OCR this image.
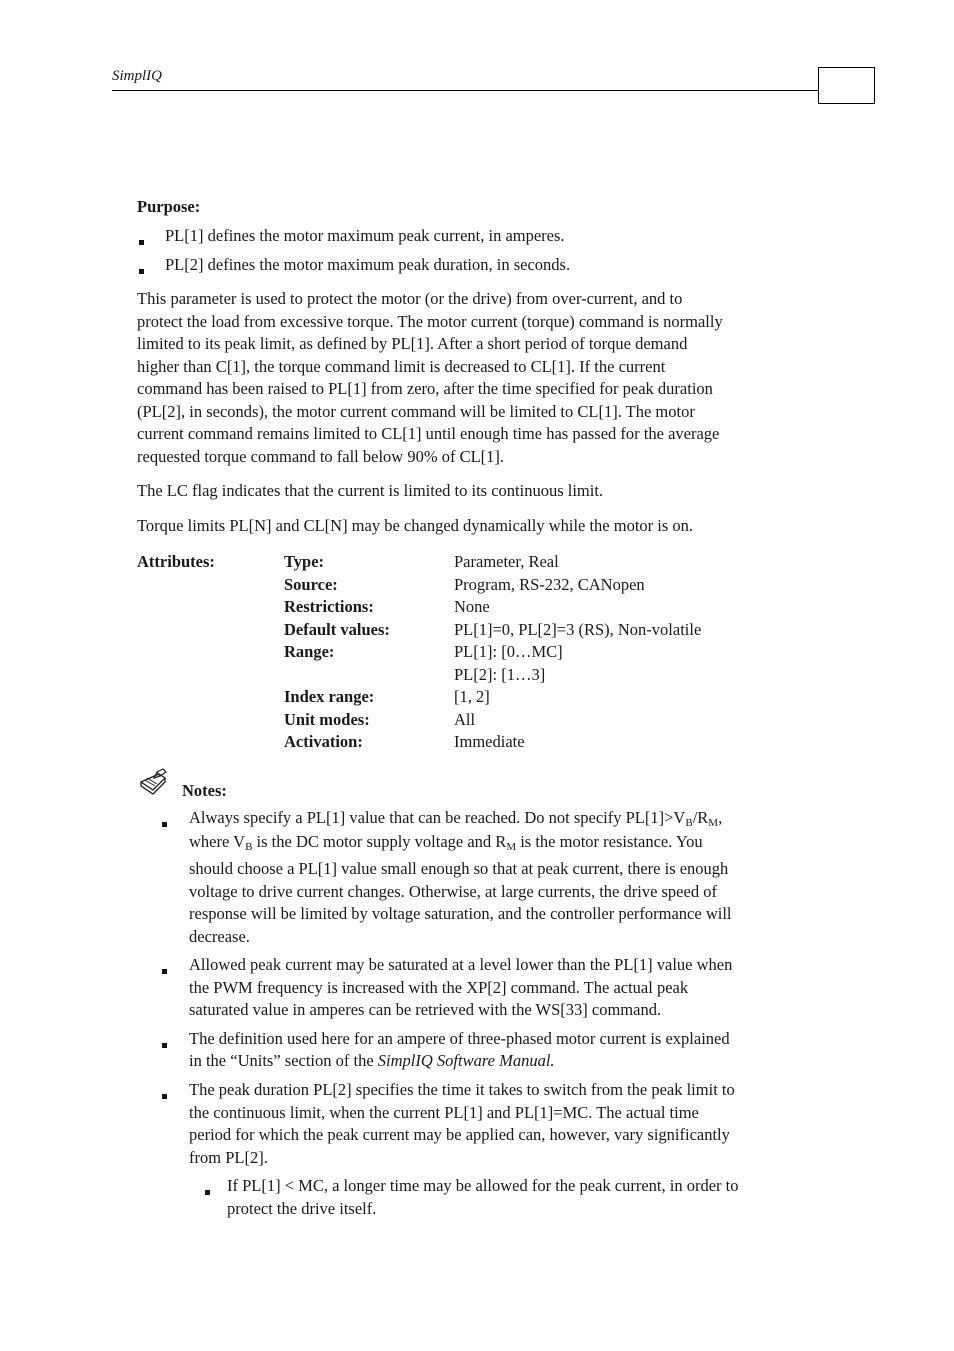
SimplIQ
Purpose:
PL[1] defines the motor maximum peak current, in amperes.
PL[2] defines the motor maximum peak duration, in seconds.
This parameter is used to protect the motor (or the drive) from over-current, and to
protect the load from excessive torque. The motor current (torque) command is normally
limited to its peak limit, as defined by PL[1]. After a short period of torque demand
higher than C[1], the torque command limit is decreased to CL[1]. If the current
command has been raised to PL[1] from zero, after the time specified for peak duration
(PL[2], in seconds), the motor current command will be limited to CL[1]. The motor
current command remains limited to CL[1] until enough time has passed for the average
requested torque command to fall below 90% of CL[1].
The LC flag indicates that the current is limited to its continuous limit.
Torque limits PL[N] and CL[N] may be changed dynamically while the motor is on.
Attributes:	Type:	Parameter, Real
Source:	Program, RS-232, CANopen
Restrictions:	None
Default values:	PL[1]=0, PL[2]=3 (RS), Non-volatile
Range:	PL[1]: [0…MC]
PL[2]: [1…3]
Index range:	[1, 2]
Unit modes:	All
Activation:	Immediate
Notes:
Always specify a PL[1] value that can be reached. Do not specify $PL[1]>V_B/R_M$,
where $V_B$ is the DC motor supply voltage and $R_M$ is the motor resistance. You
should choose a PL[1] value small enough so that at peak current, there is enough
voltage to drive current changes. Otherwise, at large currents, the drive speed of
response will be limited by voltage saturation, and the controller performance will
decrease.
Allowed peak current may be saturated at a level lower than the PL[1] value when
the PWM frequency is increased with the XP[2] command. The actual peak
saturated value in amperes can be retrieved with the WS[33] command.
The definition used here for an ampere of three-phased motor current is explained
in the “Units” section of the SimplIQ Software Manual.
The peak duration PL[2] specifies the time it takes to switch from the peak limit to
the continuous limit, when the current PL[1] and PL[1]=MC. The actual time
period for which the peak current may be applied can, however, vary significantly
from PL[2].
If PL[1] < MC, a longer time may be allowed for the peak current, in order to
protect the drive itself.
